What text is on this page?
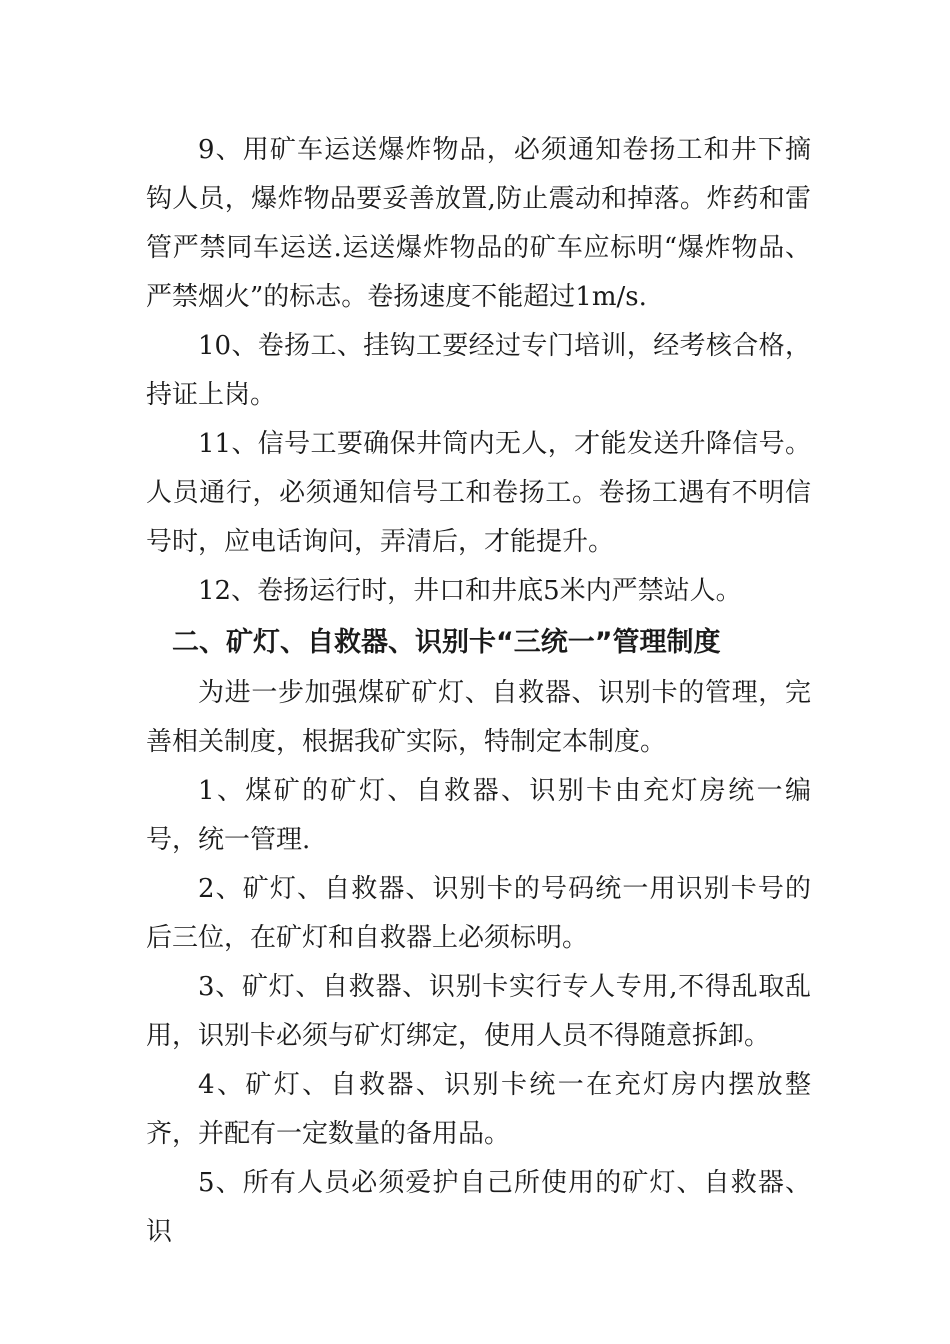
9、用矿车运送爆炸物品，必须通知卷扬工和井下摘钩人员，爆炸物品要妥善放置,防止震动和掉落。炸药和雷管严禁同车运送.运送爆炸物品的矿车应标明“爆炸物品、严禁烟火”的标志。卷扬速度不能超过1m/s.

10、卷扬工、挂钩工要经过专门培训，经考核合格，持证上岗。

11、信号工要确保井筒内无人，才能发送升降信号。人员通行，必须通知信号工和卷扬工。卷扬工遇有不明信号时，应电话询问，弄清后，才能提升。

12、卷扬运行时，井口和井底5米内严禁站人。

二、矿灯、自救器、识别卡“三统一”管理制度

为进一步加强煤矿矿灯、自救器、识别卡的管理，完善相关制度，根据我矿实际，特制定本制度。

1、煤矿的矿灯、自救器、识别卡由充灯房统一编号，统一管理.

2、矿灯、自救器、识别卡的号码统一用识别卡号的后三位，在矿灯和自救器上必须标明。

3、矿灯、自救器、识别卡实行专人专用,不得乱取乱用，识别卡必须与矿灯绑定，使用人员不得随意拆卸。

4、矿灯、自救器、识别卡统一在充灯房内摆放整齐，并配有一定数量的备用品。

5、所有人员必须爱护自己所使用的矿灯、自救器、识
